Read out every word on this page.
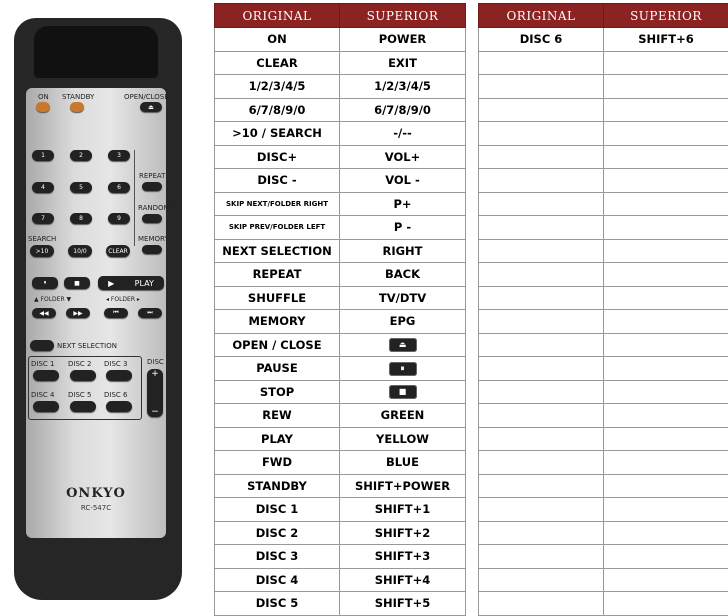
ON STANDBY	OPEN/CLOSE
⏏
REPEAT
RANDOM
MEMORY
SEARCH
>10	10/0	CLEAR
⏸	■	▶	PLAY
▲ FOLDER ▼	◂ FOLDER ▸
◀◀	▶▶	⏮	⏭
NEXT SELECTION
DISC
+
−
ONKYO
RC-547C
1	2	3
4	5	6
7	8	9
DISC 1 DISC 2 DISC 3
DISC 4 DISC 5 DISC 6
ORIGINAL	SUPERIOR
ON	POWER
CLEAR	EXIT
1/2/3/4/5	1/2/3/4/5
6/7/8/9/0	6/7/8/9/0
>10 / SEARCH	-/--
DISC+	VOL+
DISC -	VOL -
SKIP NEXT/FOLDER RIGHT	P+
SKIP PREV/FOLDER LEFT	P -
NEXT SELECTION	RIGHT
REPEAT	BACK
SHUFFLE	TV/DTV
MEMORY	EPG
OPEN / CLOSE	⏏
PAUSE	⏸
STOP	■
REW	GREEN
PLAY	YELLOW
FWD	BLUE
STANDBY	SHIFT+POWER
DISC 1	SHIFT+1
DISC 2	SHIFT+2
DISC 3	SHIFT+3
DISC 4	SHIFT+4
DISC 5	SHIFT+5
ORIGINAL	SUPERIOR
DISC 6	SHIFT+6
